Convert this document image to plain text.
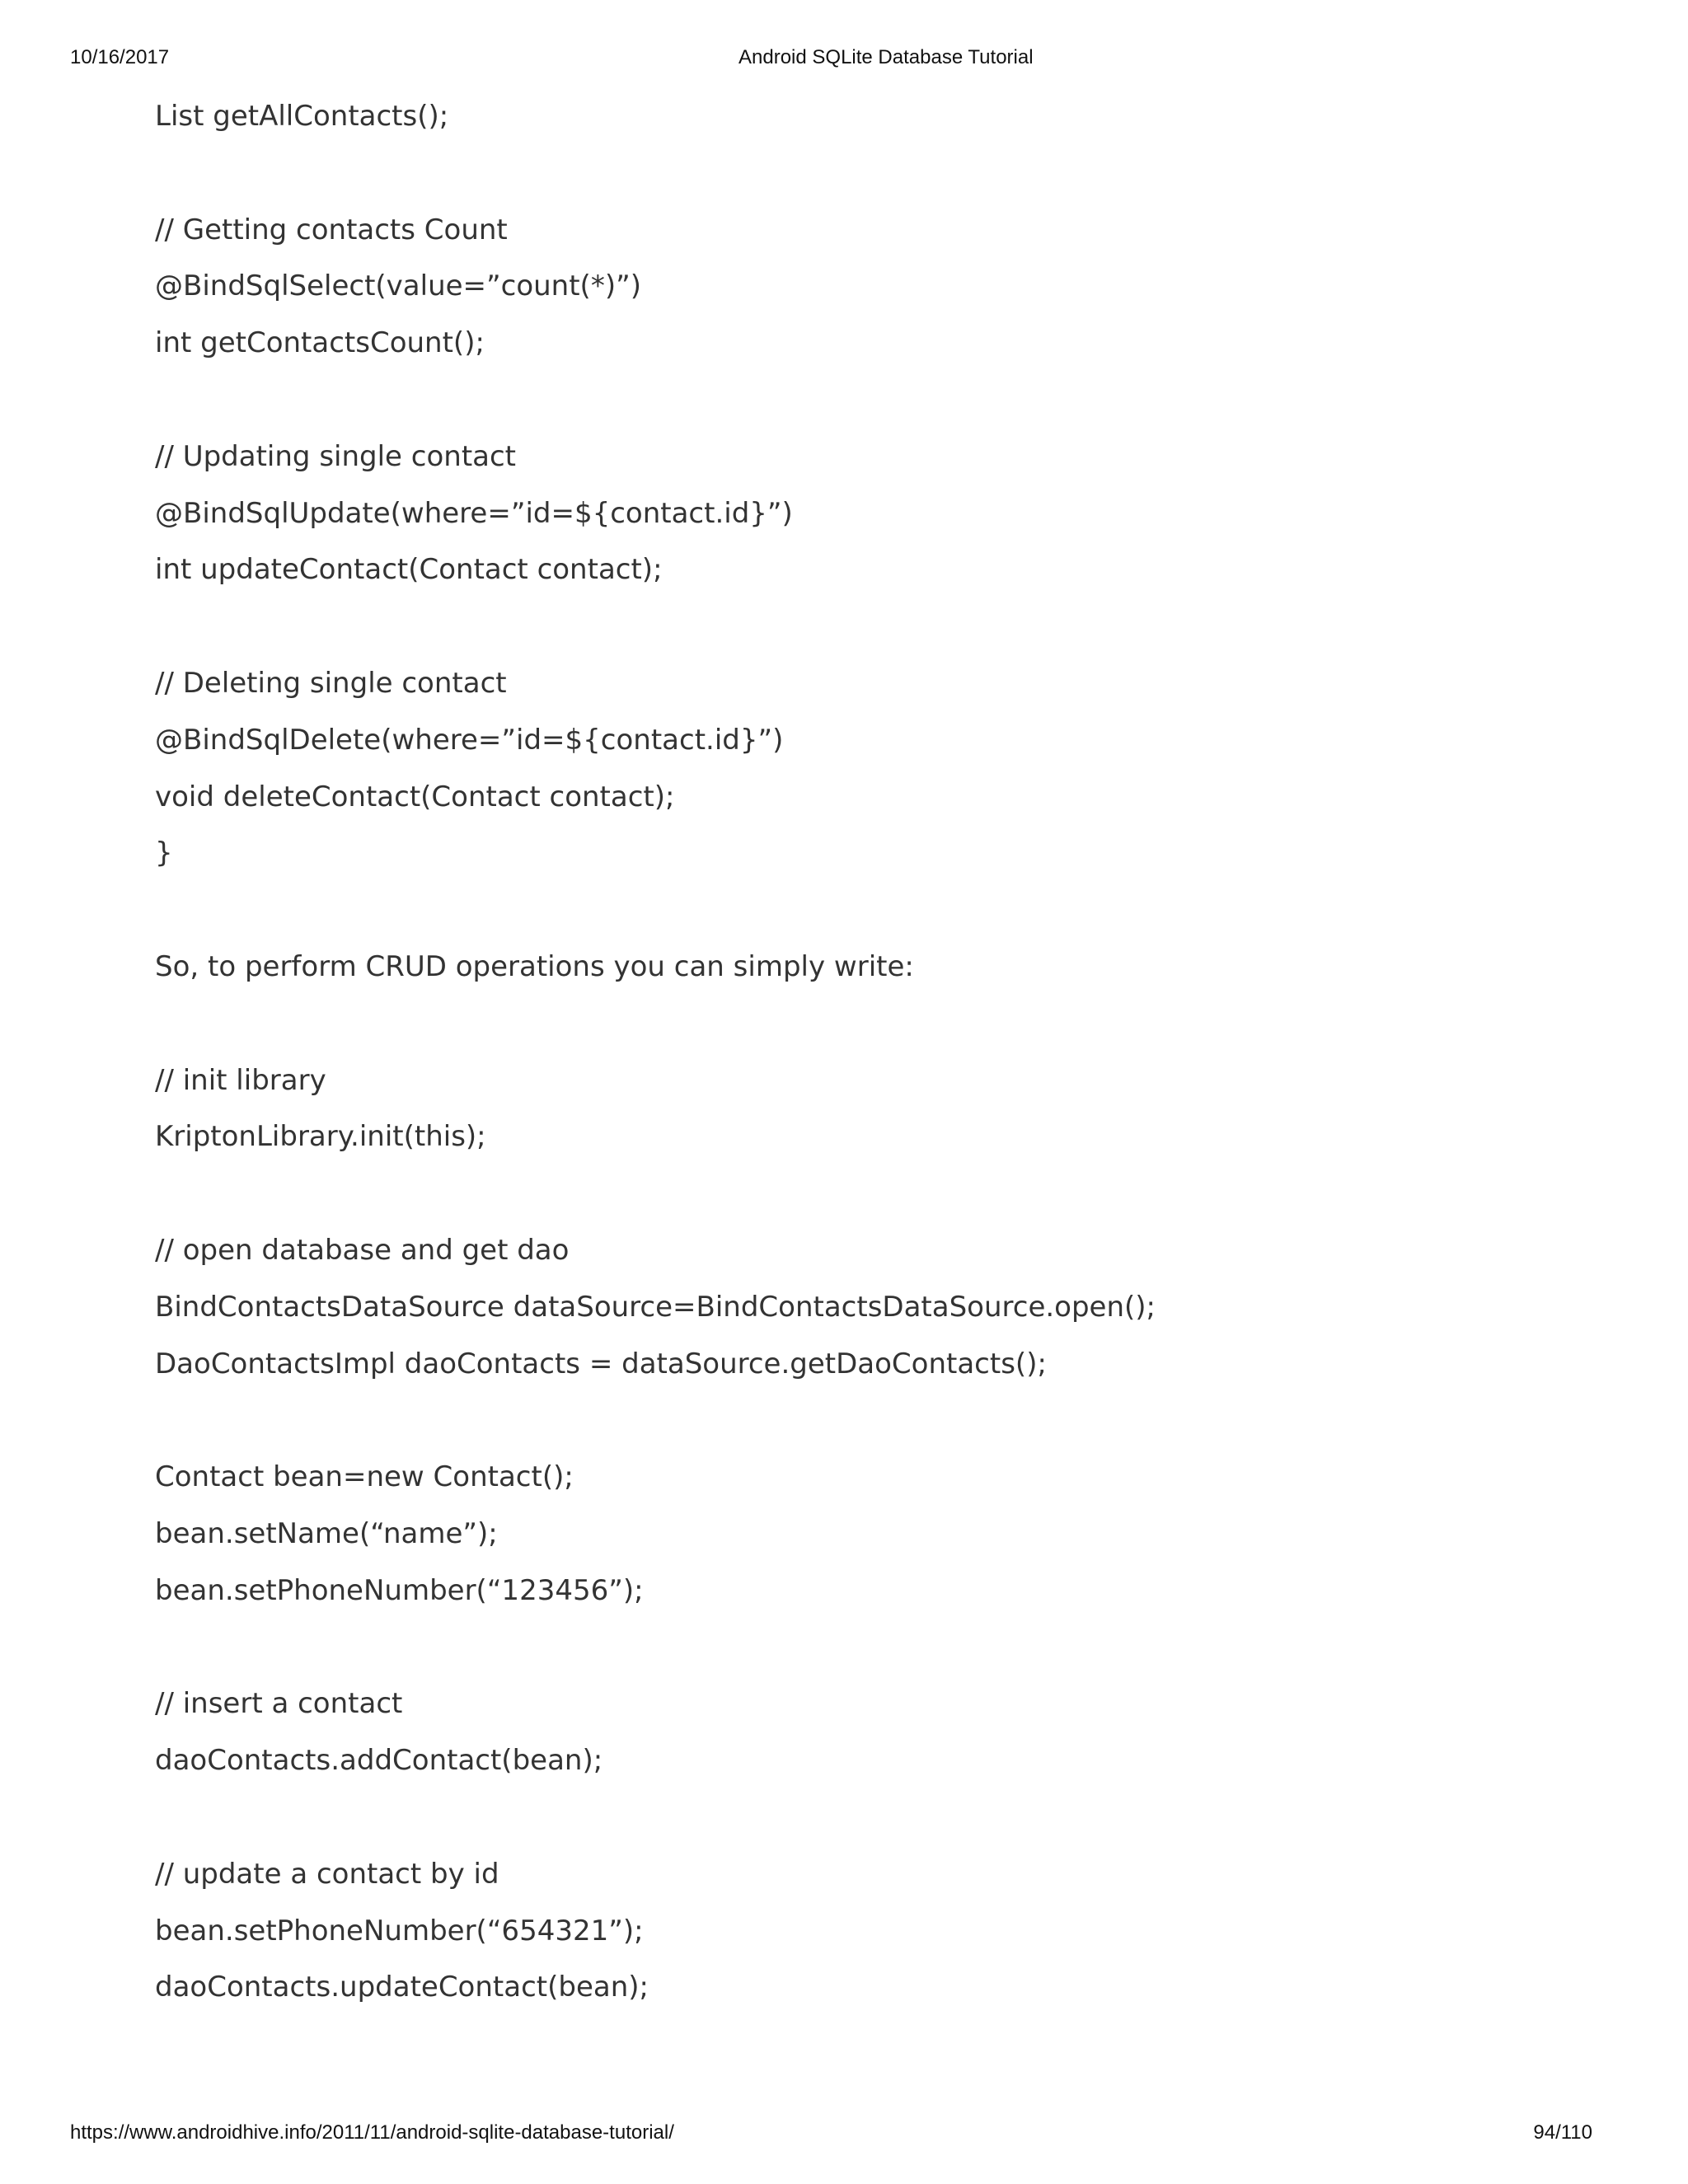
10/16/2017	Android SQLite Database Tutorial
List getAllContacts();
// Getting contacts Count
@BindSqlSelect(value=”count(*)”)
int getContactsCount();
// Updating single contact
@BindSqlUpdate(where=”id=${contact.id}”)
int updateContact(Contact contact);
// Deleting single contact
@BindSqlDelete(where=”id=${contact.id}”)
void deleteContact(Contact contact);
}
So, to perform CRUD operations you can simply write:
// init library
KriptonLibrary.init(this);
// open database and get dao
BindContactsDataSource dataSource=BindContactsDataSource.open();
DaoContactsImpl daoContacts = dataSource.getDaoContacts();
Contact bean=new Contact();
bean.setName(“name”);
bean.setPhoneNumber(“123456”);
// insert a contact
daoContacts.addContact(bean);
// update a contact by id
bean.setPhoneNumber(“654321”);
daoContacts.updateContact(bean);
https://www.androidhive.info/2011/11/android-sqlite-database-tutorial/	94/110
